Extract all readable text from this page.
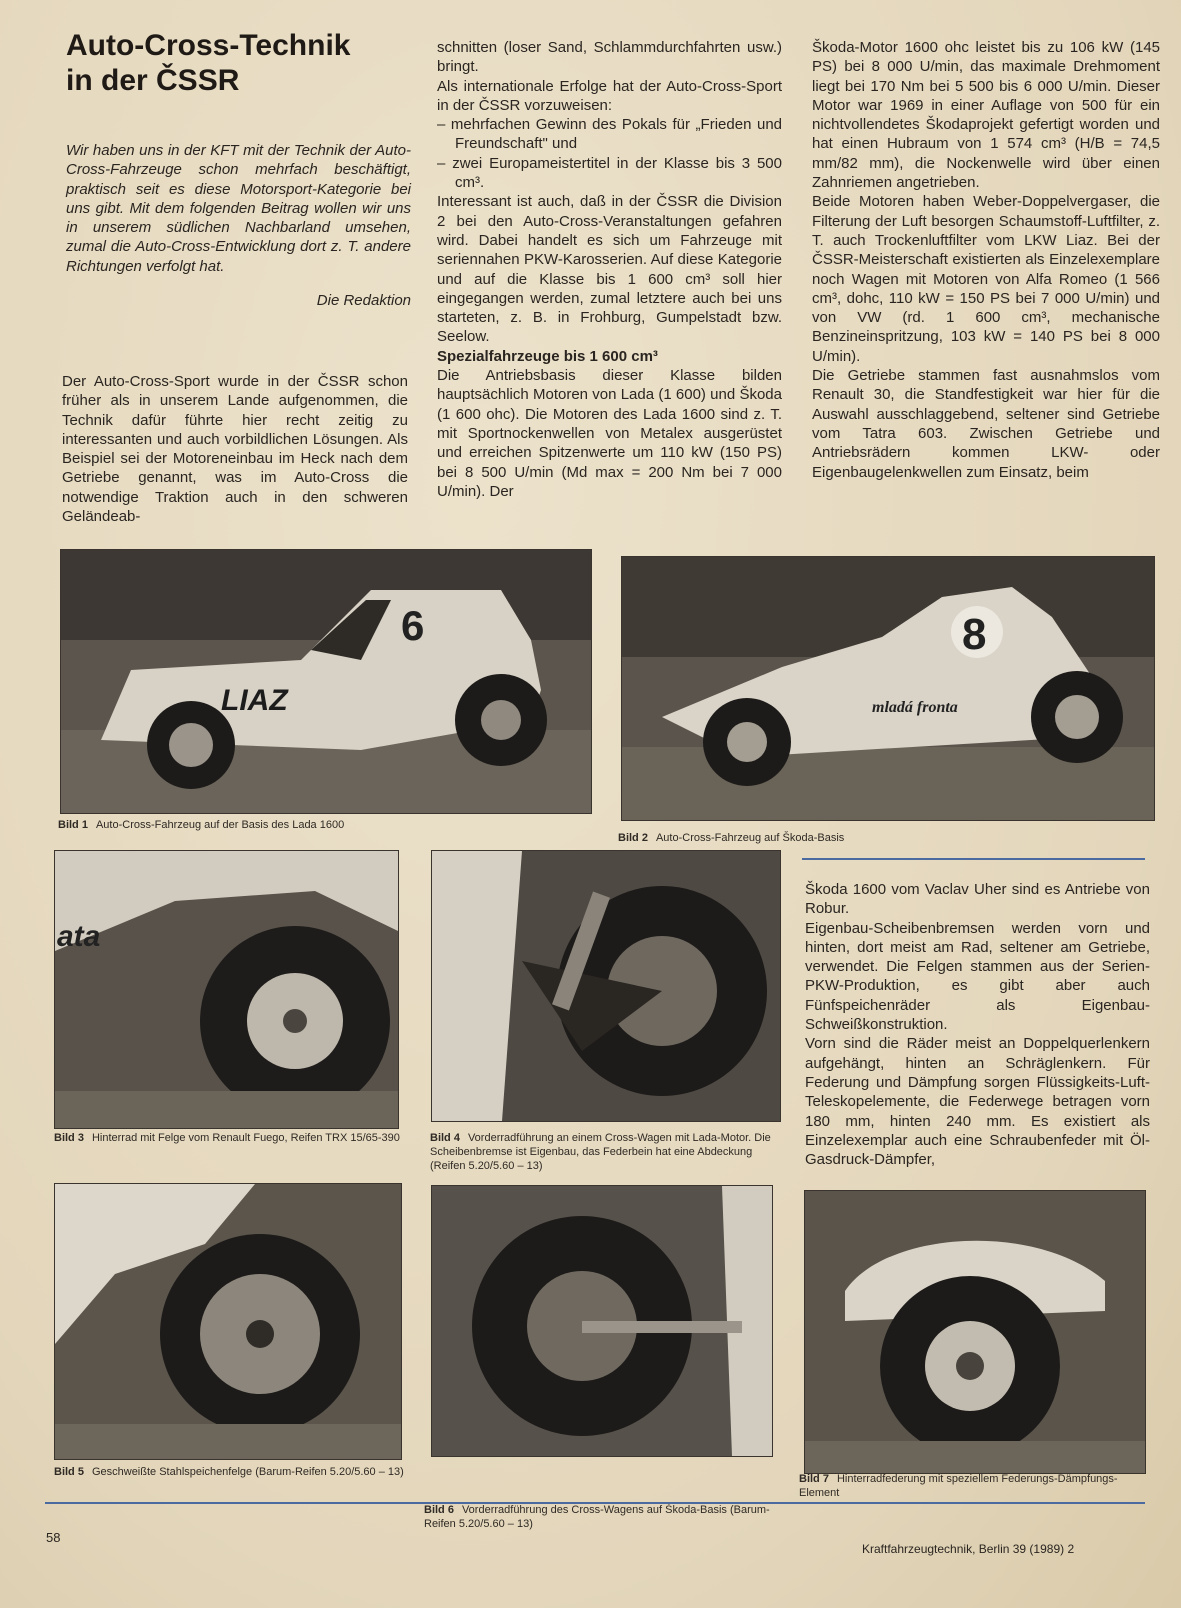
Auto-Cross-Technik
in der ČSSR

Wir haben uns in der KFT mit der Technik der Auto-Cross-Fahrzeuge schon mehrfach beschäftigt, praktisch seit es diese Motorsport-Kategorie bei uns gibt. Mit dem folgenden Beitrag wollen wir uns in unserem südlichen Nachbarland umsehen, zumal die Auto-Cross-Entwicklung dort z. T. andere Richtungen verfolgt hat.

Die Redaktion

Der Auto-Cross-Sport wurde in der ČSSR schon früher als in unserem Lande aufgenommen, die Technik dafür führte hier recht zeitig zu interessanten und auch vorbildlichen Lösungen. Als Beispiel sei der Motoreneinbau im Heck nach dem Getriebe genannt, was im Auto-Cross die notwendige Traktion auch in den schweren Geländeab-

schnitten (loser Sand, Schlammdurchfahrten usw.) bringt.

Als internationale Erfolge hat der Auto-Cross-Sport in der ČSSR vorzuweisen:

– mehrfachen Gewinn des Pokals für „Frieden und Freundschaft" und
– zwei Europameistertitel in der Klasse bis 3 500 cm³.

Interessant ist auch, daß in der ČSSR die Division 2 bei den Auto-Cross-Veranstaltungen gefahren wird. Dabei handelt es sich um Fahrzeuge mit seriennahen PKW-Karosserien. Auf diese Kategorie und auf die Klasse bis 1 600 cm³ soll hier eingegangen werden, zumal letztere auch bei uns starteten, z. B. in Frohburg, Gumpelstadt bzw. Seelow.

Spezialfahrzeuge bis 1 600 cm³

Die Antriebsbasis dieser Klasse bilden hauptsächlich Motoren von Lada (1 600) und Škoda (1 600 ohc). Die Motoren des Lada 1600 sind z. T. mit Sportnockenwellen von Metalex ausgerüstet und erreichen Spitzenwerte um 110 kW (150 PS) bei 8 500 U/min (Md max = 200 Nm bei 7 000 U/min). Der

Škoda-Motor 1600 ohc leistet bis zu 106 kW (145 PS) bei 8 000 U/min, das maximale Drehmoment liegt bei 170 Nm bei 5 500 bis 6 000 U/min. Dieser Motor war 1969 in einer Auflage von 500 für ein nichtvollendetes Škodaprojekt gefertigt worden und hat einen Hubraum von 1 574 cm³ (H/B = 74,5 mm/82 mm), die Nockenwelle wird über einen Zahnriemen angetrieben.

Beide Motoren haben Weber-Doppelvergaser, die Filterung der Luft besorgen Schaumstoff-Luftfilter, z. T. auch Trockenluftfilter vom LKW Liaz. Bei der ČSSR-Meisterschaft existierten als Einzelexemplare noch Wagen mit Motoren von Alfa Romeo (1 566 cm³, dohc, 110 kW = 150 PS bei 7 000 U/min) und von VW (rd. 1 600 cm³, mechanische Benzineinspritzung, 103 kW = 140 PS bei 8 000 U/min).

Die Getriebe stammen fast ausnahmslos vom Renault 30, die Standfestigkeit war hier für die Auswahl ausschlaggebend, seltener sind Getriebe vom Tatra 603. Zwischen Getriebe und Antriebsrädern kommen LKW- oder Eigenbaugelenkwellen zum Einsatz, beim

6
LIAZ
Bild 1 Auto-Cross-Fahrzeug auf der Basis des Lada 1600
8
mladá fronta
Bild 2 Auto-Cross-Fahrzeug auf Škoda-Basis
ata
Bild 3 Hinterrad mit Felge vom Renault Fuego, Reifen TRX 15/65-390	Bild 4 Vorderradführung an einem Cross-Wagen mit Lada-Motor. Die Scheibenbremse ist Eigenbau, das Federbein hat eine Abdeckung (Reifen 5.20/5.60 – 13)

Škoda 1600 vom Vaclav Uher sind es Antriebe von Robur.

Eigenbau-Scheibenbremsen werden vorn und hinten, dort meist am Rad, seltener am Getriebe, verwendet. Die Felgen stammen aus der Serien-PKW-Produktion, es gibt aber auch Fünfspeichenräder als Eigenbau-Schweißkonstruktion.

Vorn sind die Räder meist an Doppelquerlenkern aufgehängt, hinten an Schräglenkern. Für Federung und Dämpfung sorgen Flüssigkeits-Luft-Teleskopelemente, die Federwege betragen vorn 180 mm, hinten 240 mm. Es existiert als Einzelexemplar auch eine Schraubenfeder mit Öl-Gasdruck-Dämpfer,

Bild 5 Geschweißte Stahlspeichenfelge (Barum-Reifen 5.20/5.60 – 13)
Bild 6 Vorderradführung des Cross-Wagens auf Škoda-Basis (Barum-Reifen 5.20/5.60 – 13)
Bild 7 Hinterradfederung mit speziellem Federungs-Dämpfungs-Element
58
Kraftfahrzeugtechnik, Berlin 39 (1989) 2
